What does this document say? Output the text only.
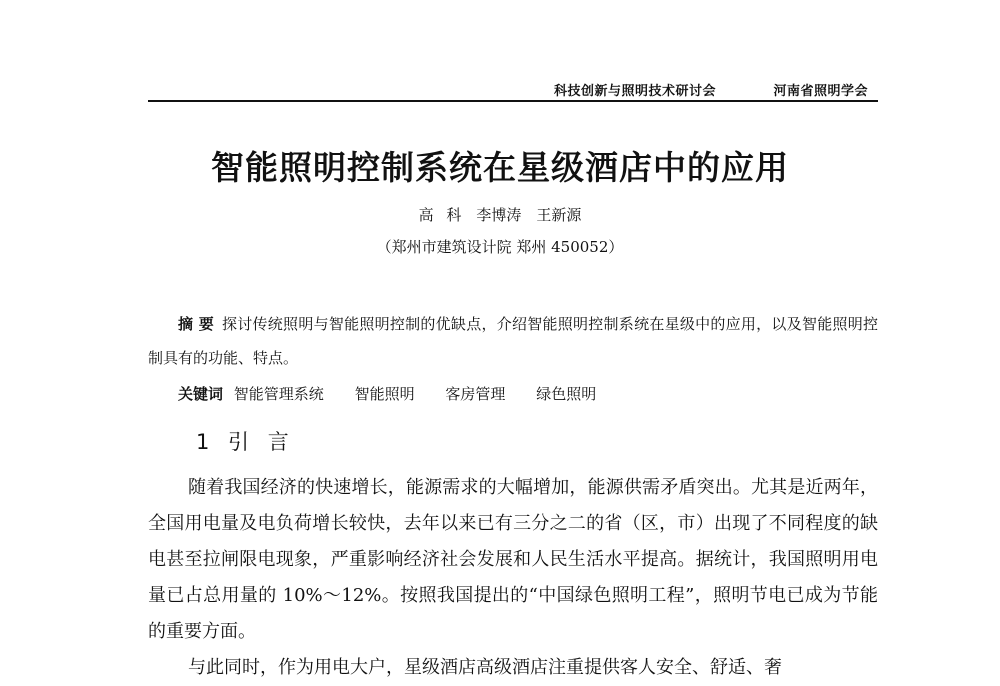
科技创新与照明技术研讨会	河南省照明学会
智能照明控制系统在星级酒店中的应用
高 科　李博涛　王新源
（郑州市建筑设计院 郑州 450052）
摘 要 探讨传统照明与智能照明控制的优缺点，介绍智能照明控制系统在星级中的应用，以及智能照明控制具有的功能、特点。
关键词 智能管理系统 智能照明 客房管理 绿色照明
1 引 言

随着我国经济的快速增长，能源需求的大幅增加，能源供需矛盾突出。尤其是近两年，全国用电量及电负荷增长较快，去年以来已有三分之二的省（区，市）出现了不同程度的缺电甚至拉闸限电现象，严重影响经济社会发展和人民生活水平提高。据统计，我国照明用电量已占总用量的 10%～12%。按照我国提出的“中国绿色照明工程”，照明节电已成为节能的重要方面。

与此同时，作为用电大户，星级酒店高级酒店注重提供客人安全、舒适、奢
